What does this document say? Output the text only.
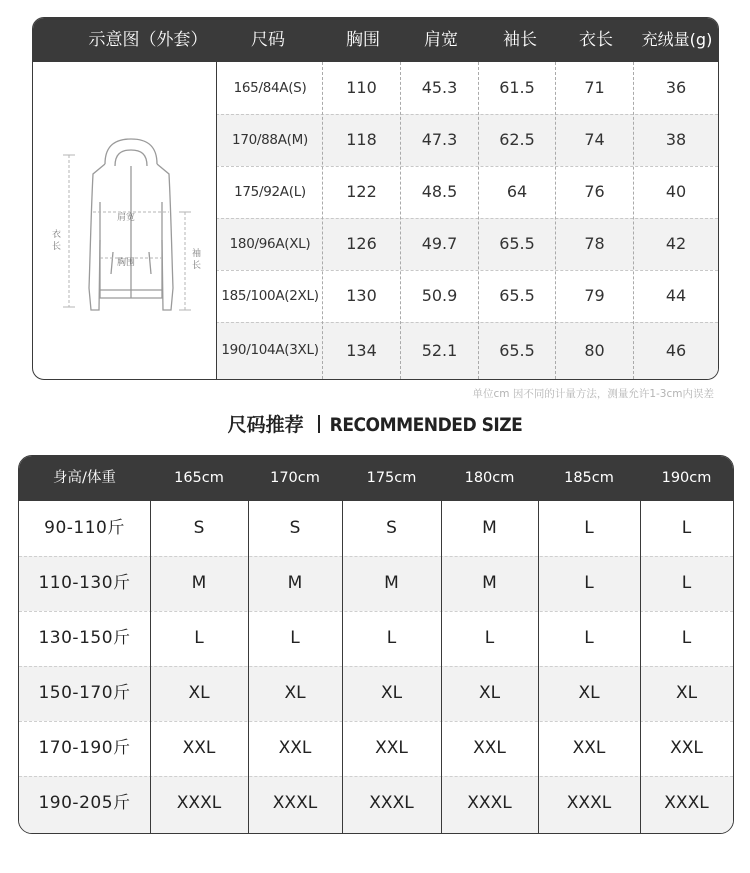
示意图（外套）	尺码	胸围	肩宽	袖长	衣长	充绒量(g)
肩宽
胸围
衣长
袖长
165/84A(S)	110	45.3	61.5	71	36
170/88A(M)	118	47.3	62.5	74	38
175/92A(L)	122	48.5	64	76	40
180/96A(XL)	126	49.7	65.5	78	42
185/100A(2XL)	130	50.9	65.5	79	44
190/104A(3XL)	134	52.1	65.5	80	46
单位cm 因不同的计量方法，测量允许1-3cm内误差
尺码推荐 RECOMMENDED SIZE
身高/体重	165cm	170cm	175cm	180cm	185cm	190cm
90-110斤	S	S	S	M	L	L
110-130斤	M	M	M	M	L	L
130-150斤	L	L	L	L	L	L
150-170斤	XL	XL	XL	XL	XL	XL
170-190斤	XXL	XXL	XXL	XXL	XXL	XXL
190-205斤	XXXL	XXXL	XXXL	XXXL	XXXL	XXXL
